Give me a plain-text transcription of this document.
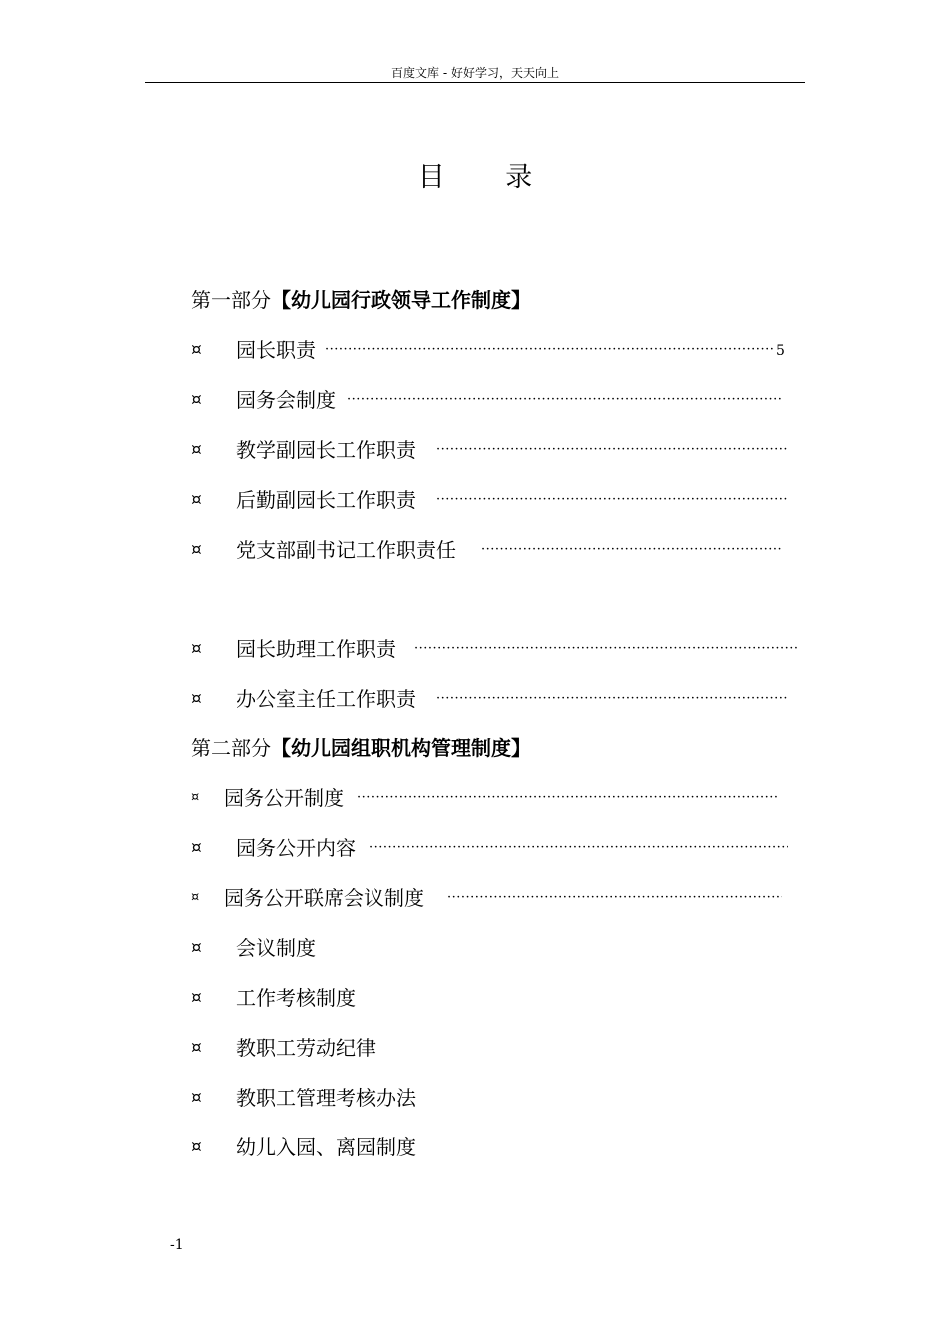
百度文库 - 好好学习，天天向上
目 录
第一部分【幼儿园行政领导工作制度】
¤	园长职责
·····	5
¤	园务会制度
·····
¤	教学副园长工作职责
·····
¤	后勤副园长工作职责
·····
¤	党支部副书记工作职责任
·····
¤	园长助理工作职责
·····
¤	办公室主任工作职责
·····
第二部分【幼儿园组职机构管理制度】
¤	园务公开制度
·····
¤	园务公开内容
·····
¤	园务公开联席会议制度
·····
¤	会议制度
¤	工作考核制度
¤	教职工劳动纪律
¤	教职工管理考核办法
¤	幼儿入园、离园制度
-1
